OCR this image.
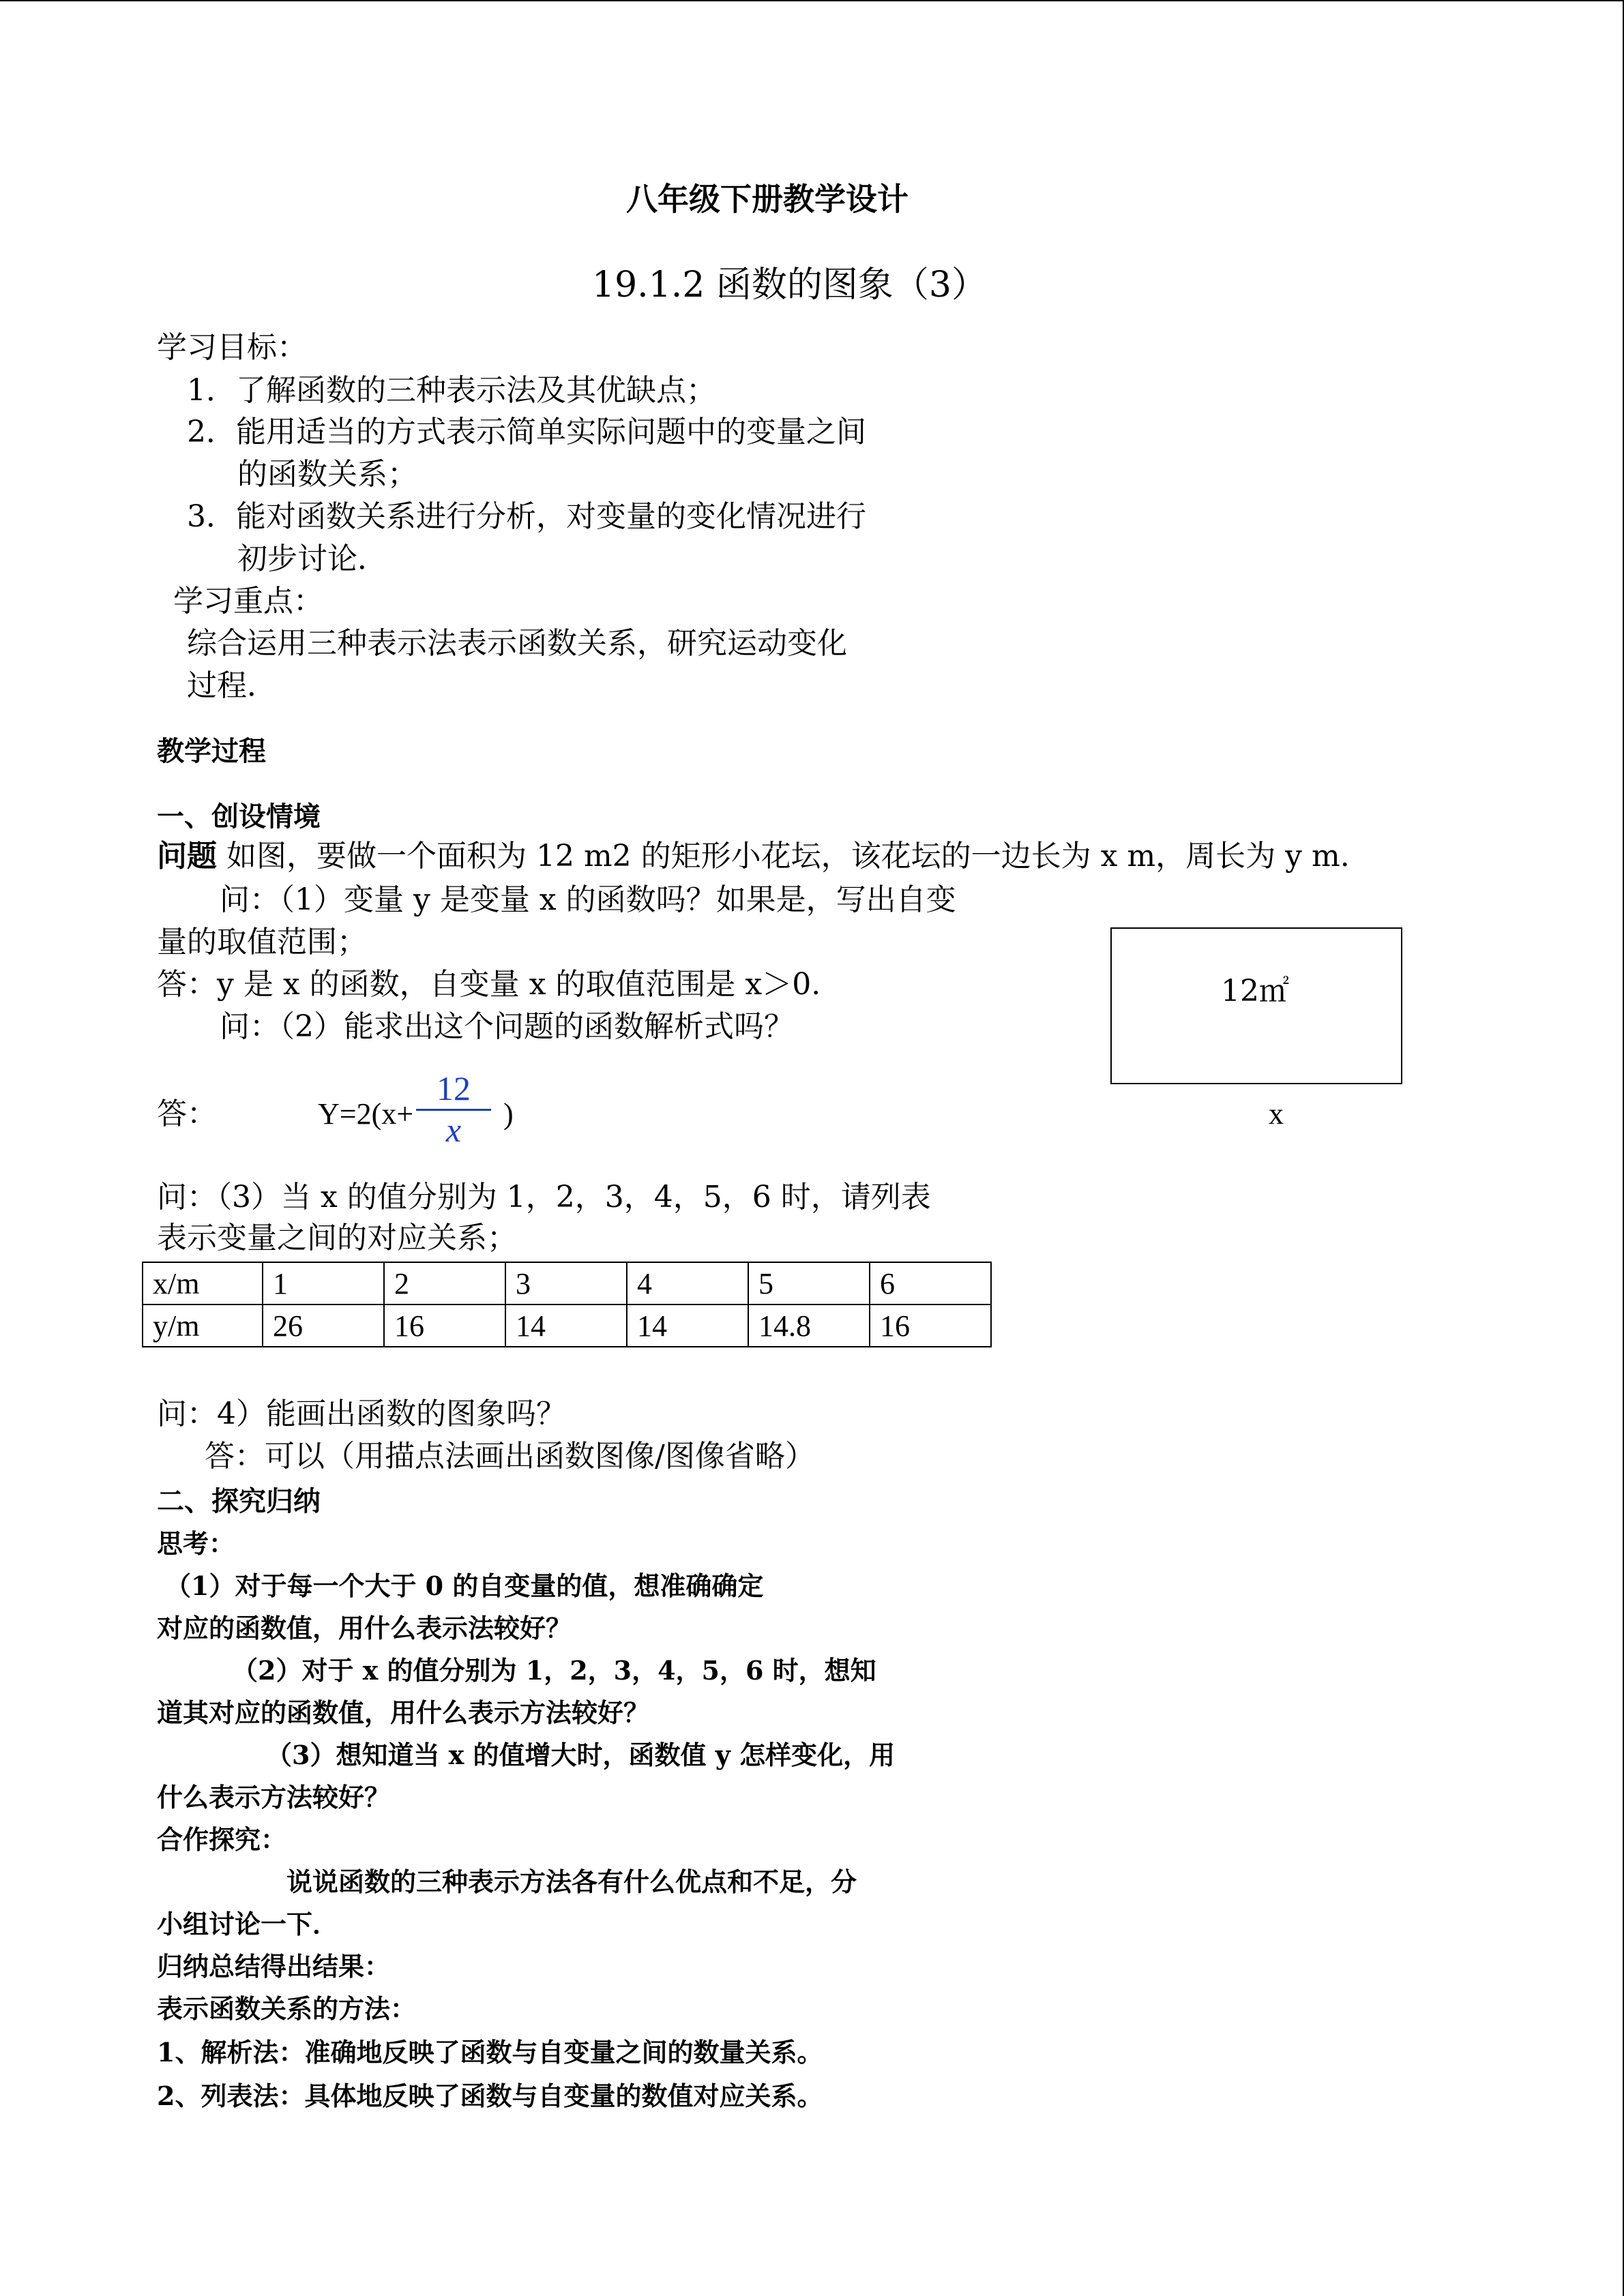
八年级下册教学设计
19.1.2 函数的图象（3）
学习目标：
1．了解函数的三种表示法及其优缺点；
2．能用适当的方式表示简单实际问题中的变量之间
的函数关系；
3．能对函数关系进行分析，对变量的变化情况进行
初步讨论．
学习重点：
综合运用三种表示法表示函数关系，研究运动变化
过程．
教学过程
一、创设情境
问题 如图，要做一个面积为 12 m2 的矩形小花坛，该花坛的一边长为 x m，周长为 y m.
问：（1）变量 y 是变量 x 的函数吗？如果是，写出自变
量的取值范围；
答：y 是 x 的函数，自变量 x 的取值范围是 x＞0.
问：（2）能求出这个问题的函数解析式吗？
答：	Y=2(x+
12
x	)
12㎡
x
问：（3）当 x 的值分别为 1，2，3，4，5，6 时，请列表
表示变量之间的对应关系；
x/m	1	2	3	4	5	6
y/m	26	16	14	14	14.8	16
问：4）能画出函数的图象吗？
答：可以（用描点法画出函数图像/图像省略）
二、探究归纳
思考：
（1）对于每一个大于 0 的自变量的值，想准确确定
对应的函数值，用什么表示法较好？
（2）对于 x 的值分别为 1，2，3，4，5，6 时，想知
道其对应的函数值，用什么表示方法较好？
（3）想知道当 x 的值增大时，函数值 y 怎样变化，用
什么表示方法较好？
合作探究：
说说函数的三种表示方法各有什么优点和不足，分
小组讨论一下．
归纳总结得出结果：
表示函数关系的方法：
1、解析法：准确地反映了函数与自变量之间的数量关系。
2、列表法：具体地反映了函数与自变量的数值对应关系。
